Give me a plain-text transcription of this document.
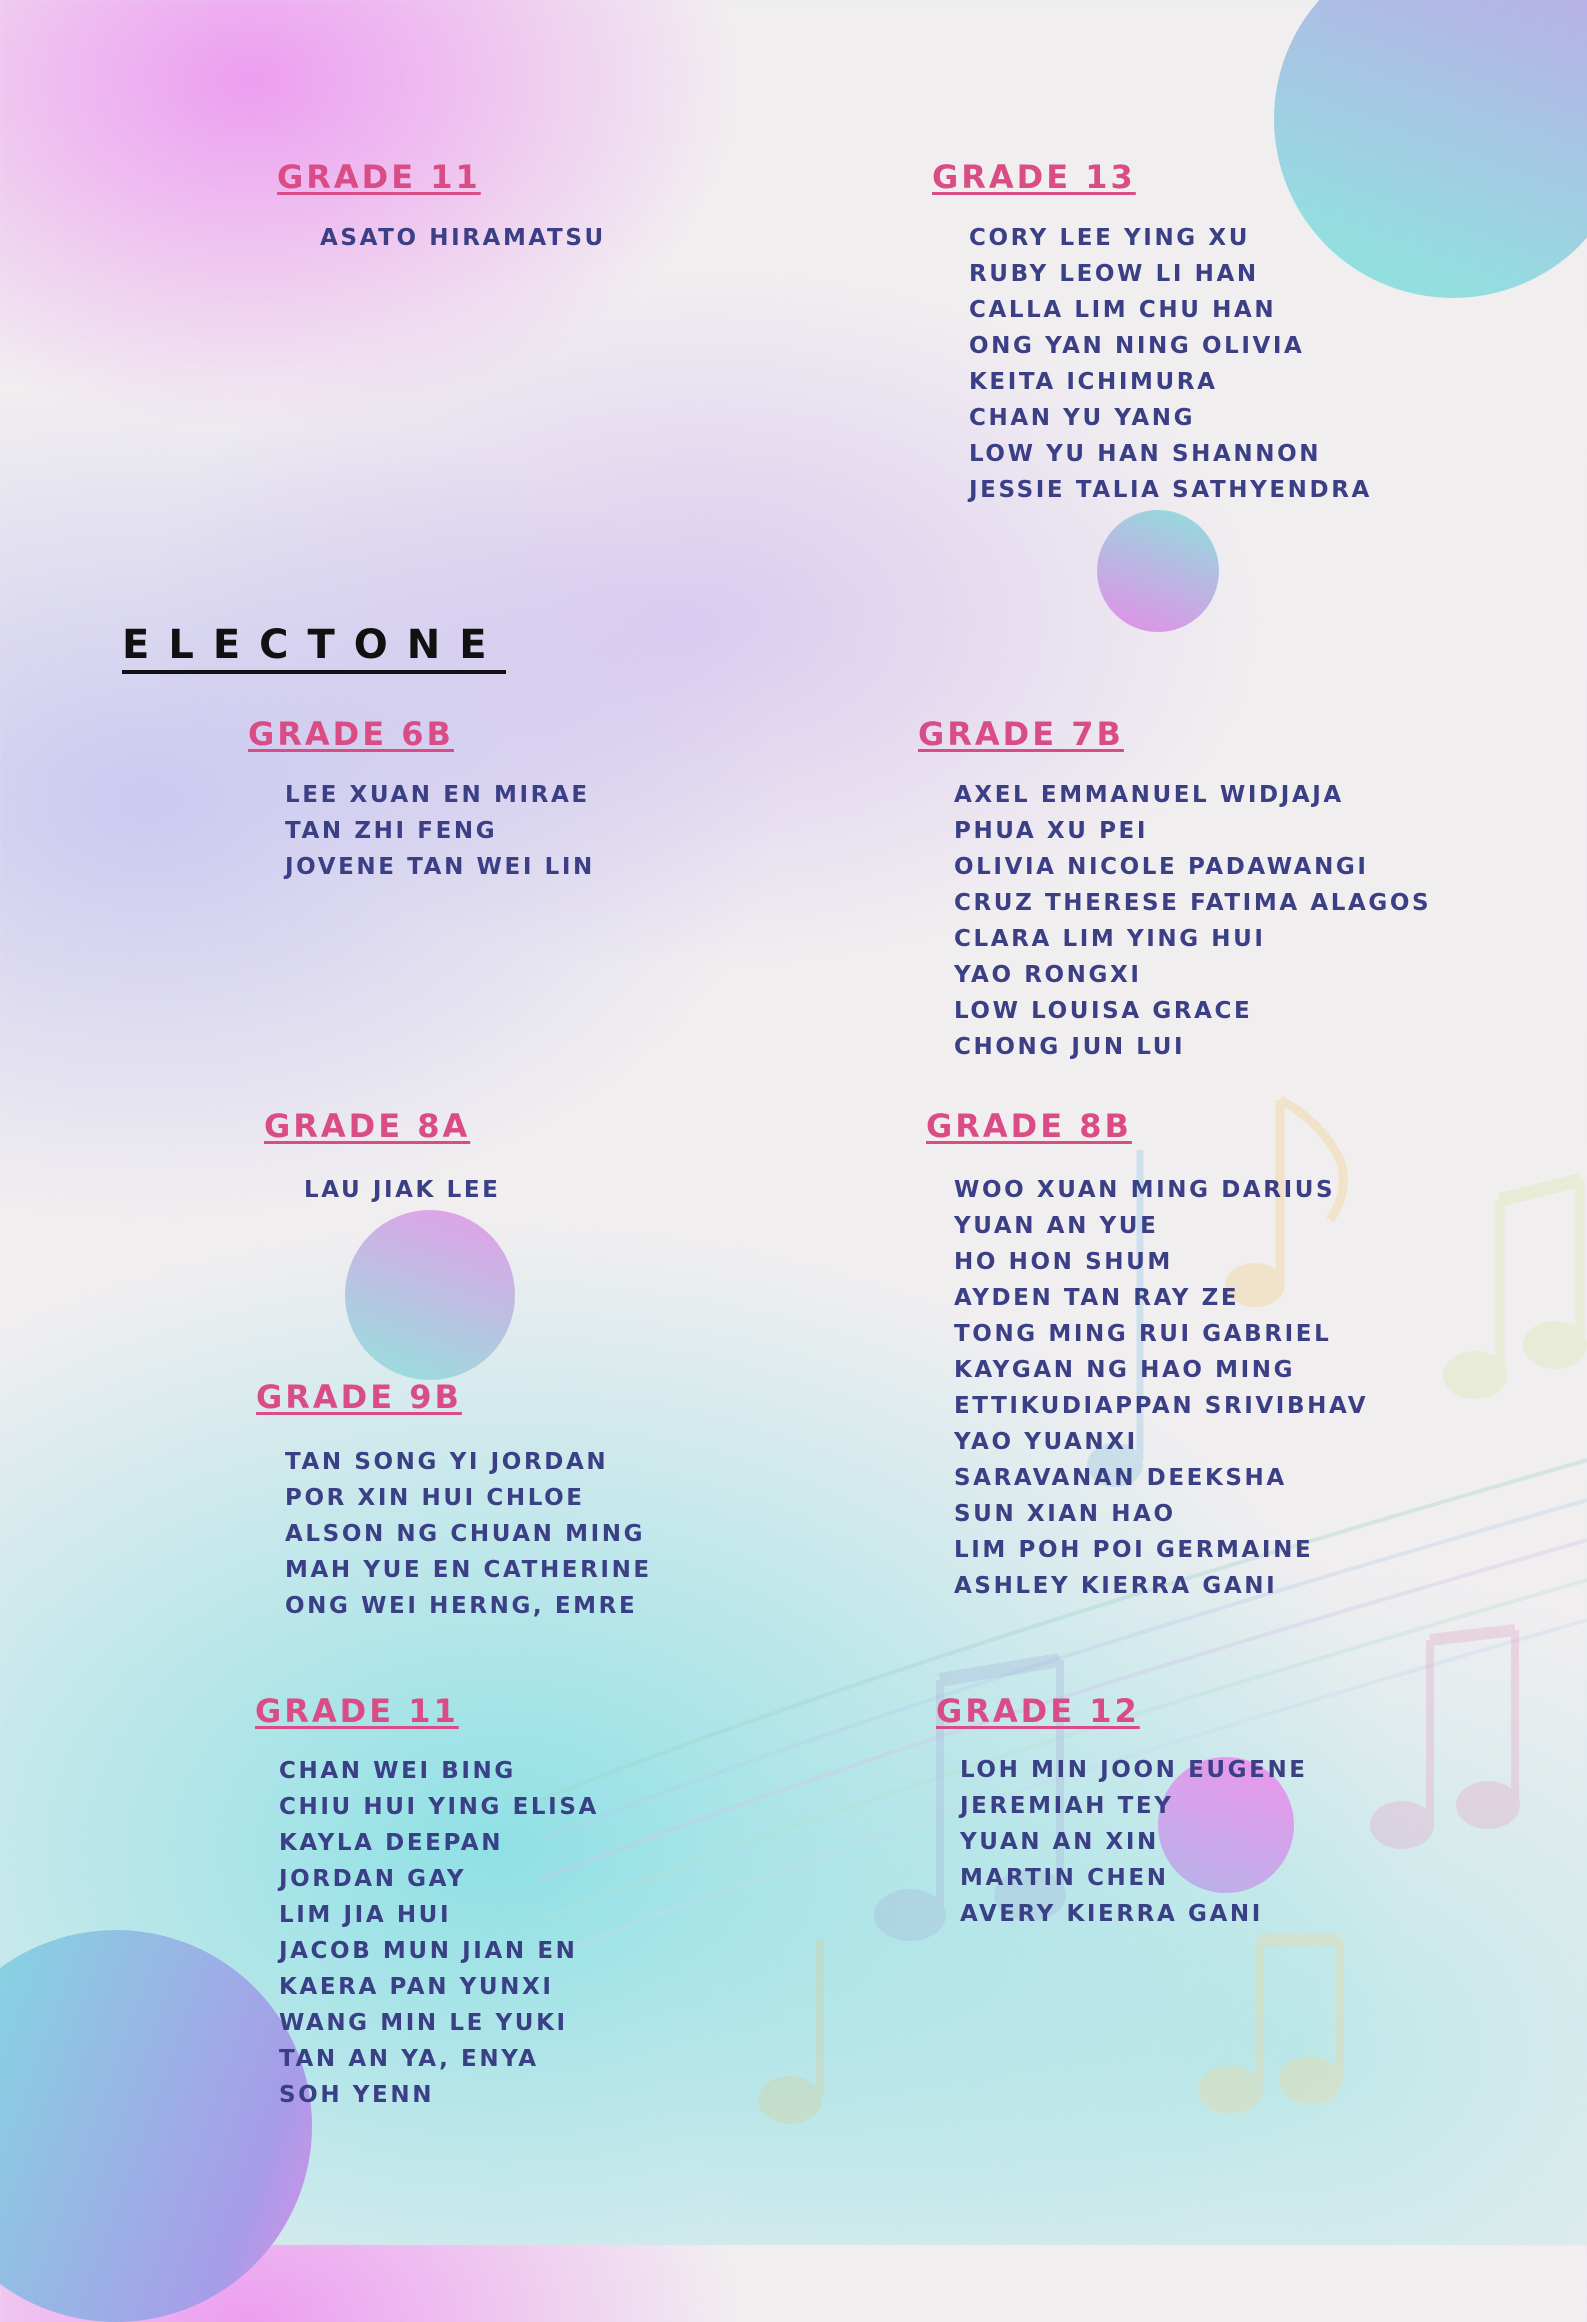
GRADE 11
ASATO HIRAMATSU
GRADE 13
CORY LEE YING XU
RUBY LEOW LI HAN
CALLA LIM CHU HAN
ONG YAN NING OLIVIA
KEITA ICHIMURA
CHAN YU YANG
LOW YU HAN SHANNON
JESSIE TALIA SATHYENDRA
ELECTONE
GRADE 6B
LEE XUAN EN MIRAE
TAN ZHI FENG
JOVENE TAN WEI LIN
GRADE 7B
AXEL EMMANUEL WIDJAJA
PHUA XU PEI
OLIVIA NICOLE PADAWANGI
CRUZ THERESE FATIMA ALAGOS
CLARA LIM YING HUI
YAO RONGXI
LOW LOUISA GRACE
CHONG JUN LUI
GRADE 8A
LAU JIAK LEE
GRADE 8B
WOO XUAN MING DARIUS
YUAN AN YUE
HO HON SHUM
AYDEN TAN RAY ZE
TONG MING RUI GABRIEL
KAYGAN NG HAO MING
ETTIKUDIAPPAN SRIVIBHAV
YAO YUANXI
SARAVANAN DEEKSHA
SUN XIAN HAO
LIM POH POI GERMAINE
ASHLEY KIERRA GANI
GRADE 9B
TAN SONG YI JORDAN
POR XIN HUI CHLOE
ALSON NG CHUAN MING
MAH YUE EN CATHERINE
ONG WEI HERNG, EMRE
GRADE 11
CHAN WEI BING
CHIU HUI YING ELISA
KAYLA DEEPAN
JORDAN GAY
LIM JIA HUI
JACOB MUN JIAN EN
KAERA PAN YUNXI
WANG MIN LE YUKI
TAN AN YA, ENYA
SOH YENN
GRADE 12
LOH MIN JOON EUGENE
JEREMIAH TEY
YUAN AN XIN
MARTIN CHEN
AVERY KIERRA GANI
